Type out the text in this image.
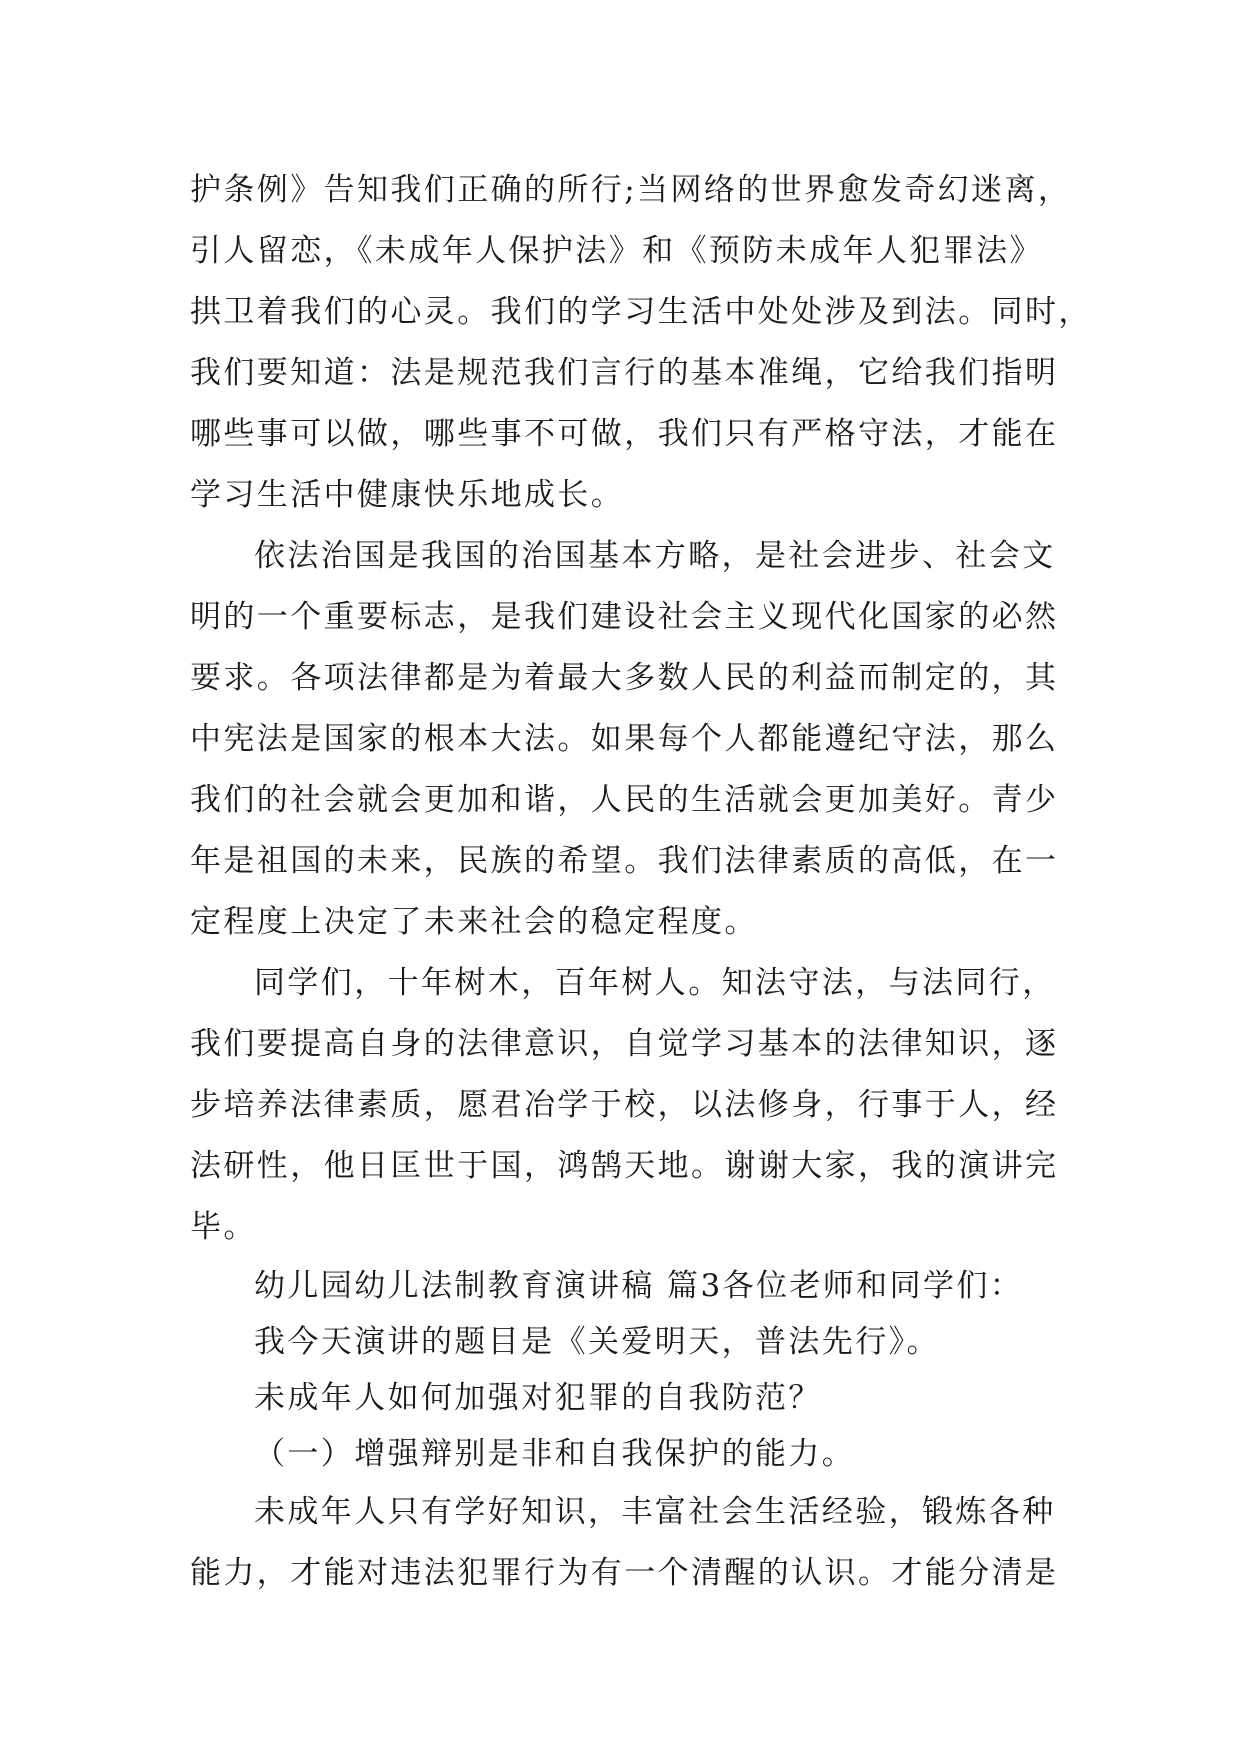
护条例》告知我们正确的所行;当网络的世界愈发奇幻迷离，
引人留恋，《未成年人保护法》和《预防未成年人犯罪法》
拱卫着我们的心灵。我们的学习生活中处处涉及到法。同时，
我们要知道：法是规范我们言行的基本准绳，它给我们指明
哪些事可以做，哪些事不可做，我们只有严格守法，才能在
学习生活中健康快乐地成长。
依法治国是我国的治国基本方略，是社会进步、社会文
明的一个重要标志，是我们建设社会主义现代化国家的必然
要求。各项法律都是为着最大多数人民的利益而制定的，其
中宪法是国家的根本大法。如果每个人都能遵纪守法，那么
我们的社会就会更加和谐，人民的生活就会更加美好。青少
年是祖国的未来，民族的希望。我们法律素质的高低，在一
定程度上决定了未来社会的稳定程度。
同学们，十年树木，百年树人。知法守法，与法同行，
我们要提高自身的法律意识，自觉学习基本的法律知识，逐
步培养法律素质，愿君冶学于校，以法修身，行事于人，经
法研性，他日匡世于国，鸿鹄天地。谢谢大家，我的演讲完
毕。
幼儿园幼儿法制教育演讲稿 篇3各位老师和同学们：
我今天演讲的题目是《关爱明天，普法先行》。
未成年人如何加强对犯罪的自我防范？
（一）增强辩别是非和自我保护的能力。
未成年人只有学好知识，丰富社会生活经验，锻炼各种
能力，才能对违法犯罪行为有一个清醒的认识。才能分清是
